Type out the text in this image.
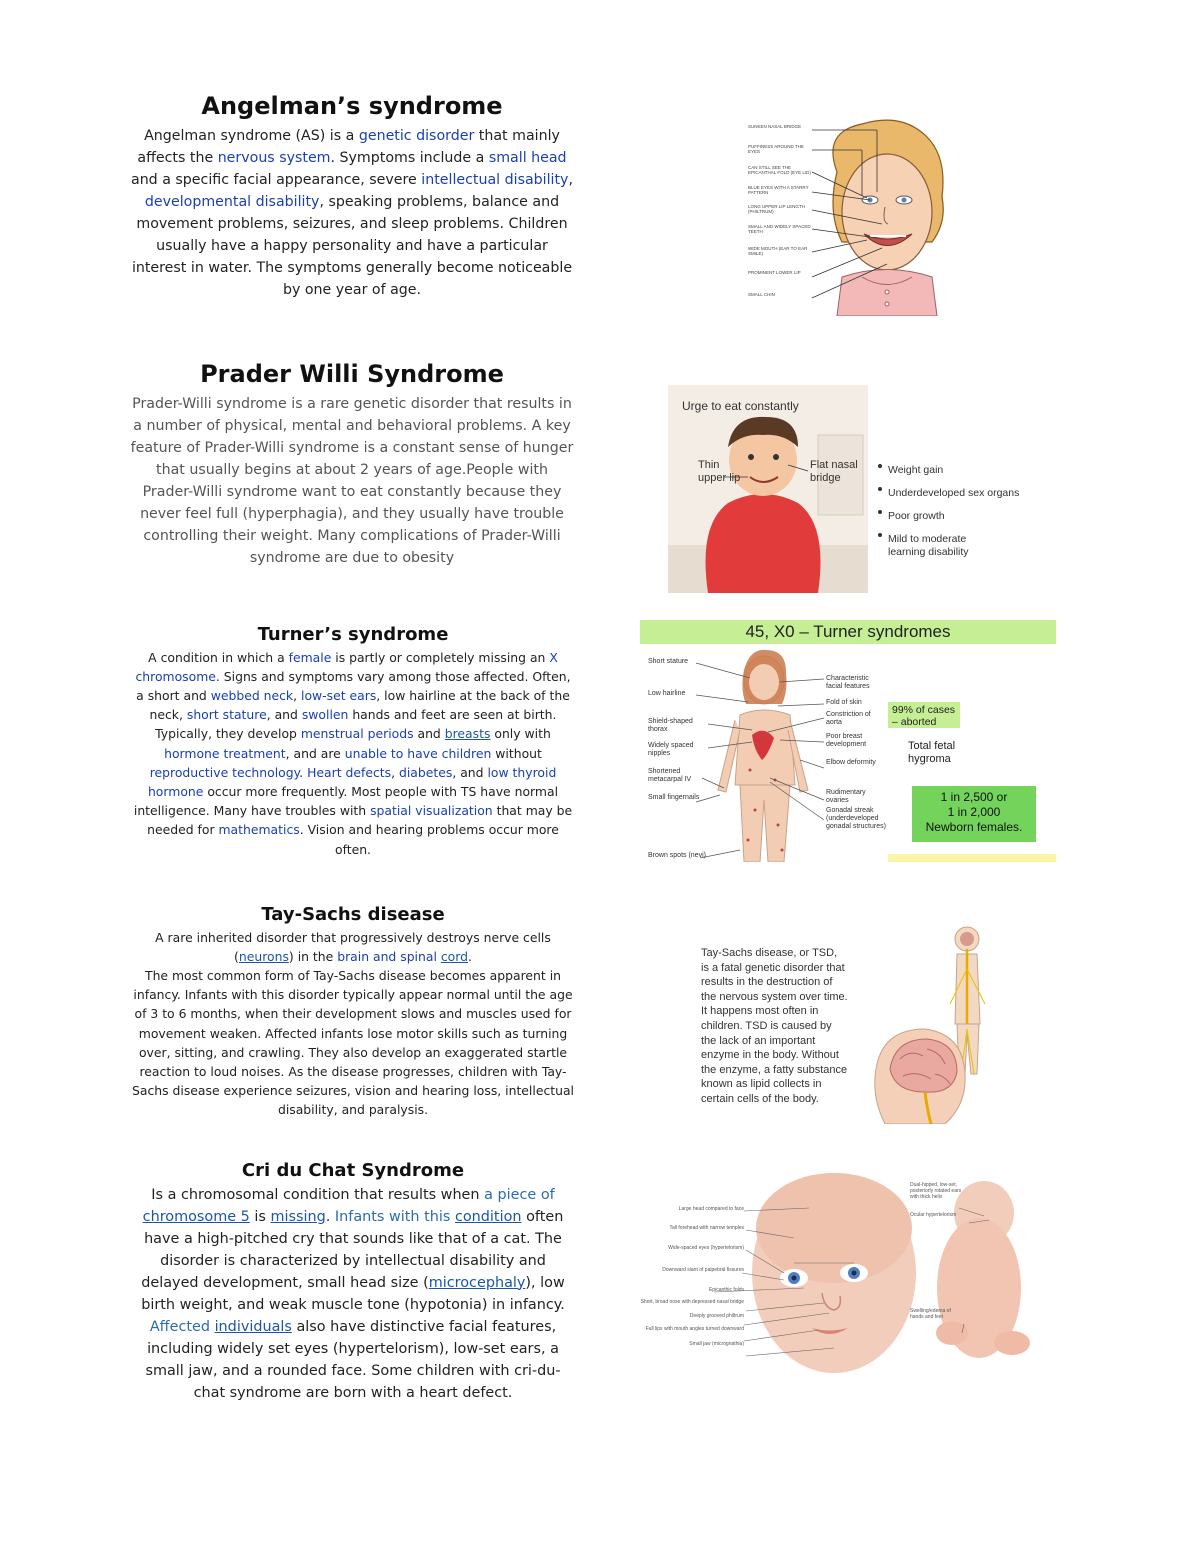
Angelman’s syndrome

Angelman syndrome (AS) is a genetic disorder that mainly affects the nervous system. Symptoms include a small head and a specific facial appearance, severe intellectual disability, developmental disability, speaking problems, balance and movement problems, seizures, and sleep problems. Children usually have a happy personality and have a particular interest in water. The symptoms generally become noticeable by one year of age.

SUNKEN NASAL BRIDGE
PUFFINESS AROUND THE EYES
CAN STILL SEE THE EPICANTHAL FOLD (EYE LID)
BLUE EYES WITH A STARRY PATTERN
LONG UPPER LIP LENGTH (PHILTRUM)
SMALL AND WIDELY SPACED TEETH
WIDE MOUTH (EAR TO EAR SMILE)
PROMINENT LOWER LIP
SMALL CHIN
Prader Willi Syndrome

Prader-Willi syndrome is a rare genetic disorder that results in a number of physical, mental and behavioral problems. A key feature of Prader-Willi syndrome is a constant sense of hunger that usually begins at about 2 years of age.People with Prader-Willi syndrome want to eat constantly because they never feel full (hyperphagia), and they usually have trouble controlling their weight. Many complications of Prader-Willi syndrome are due to obesity

Urge to eat constantly
Thin
upper lip
Flat nasal
bridge
Weight gain
Underdeveloped sex organs
Poor growth
Mild to moderate
learning disability
Turner’s syndrome

A condition in which a female is partly or completely missing an X chromosome. Signs and symptoms vary among those affected. Often, a short and webbed neck, low-set ears, low hairline at the back of the neck, short stature, and swollen hands and feet are seen at birth. Typically, they develop menstrual periods and breasts only with hormone treatment, and are unable to have children without reproductive technology. Heart defects, diabetes, and low thyroid hormone occur more frequently. Most people with TS have normal intelligence. Many have troubles with spatial visualization that may be needed for mathematics. Vision and hearing problems occur more often.

45, X0 – Turner syndromes
Short stature
Low hairline
Shield-shaped thorax
Widely spaced nipples
Shortened metacarpal IV
Small fingernails
Brown spots (nevi)
Characteristic facial features
Fold of skin
Constriction of aorta
Poor breast development
Elbow deformity
Rudimentary ovaries
Gonadal streak (underdeveloped gonadal structures)
99% of cases
– aborted
Total fetal
hygroma
1 in 2,500 or
1 in 2,000
Newborn females.
Tay-Sachs disease

A rare inherited disorder that progressively destroys nerve cells (neurons) in the brain and spinal cord.

The most common form of Tay-Sachs disease becomes apparent in infancy. Infants with this disorder typically appear normal until the age of 3 to 6 months, when their development slows and muscles used for movement weaken. Affected infants lose motor skills such as turning over, sitting, and crawling. They also develop an exaggerated startle reaction to loud noises. As the disease progresses, children with Tay-Sachs disease experience seizures, vision and hearing loss, intellectual disability, and paralysis.

Tay-Sachs disease, or TSD,
is a fatal genetic disorder that
results in the destruction of
the nervous system over time.
It happens most often in
children. TSD is caused by
the lack of an important
enzyme in the body. Without
the enzyme, a fatty substance
known as lipid collects in
certain cells of the body.
Cri du Chat Syndrome

Is a chromosomal condition that results when a piece of chromosome 5 is missing. Infants with this condition often have a high-pitched cry that sounds like that of a cat. The disorder is characterized by intellectual disability and delayed development, small head size (microcephaly), low birth weight, and weak muscle tone (hypotonia) in infancy. Affected individuals also have distinctive facial features, including widely set eyes (hypertelorism), low-set ears, a small jaw, and a rounded face. Some children with cri-du-chat syndrome are born with a heart defect.

Large head compared to face
Tall forehead with narrow temples
Wide-spaced eyes (hypertelorism)
Downward slant of palpebral fissures
Epicanthic folds
Short, broad nose with depressed nasal bridge
Deeply grooved philtrum
Full lips with mouth angles turned downward
Small jaw (micrognathia)
Dual-hipped, low-set, posteriorly rotated ears with thick helix
Ocular hypertelorism
Swelling/edema of hands and feet
